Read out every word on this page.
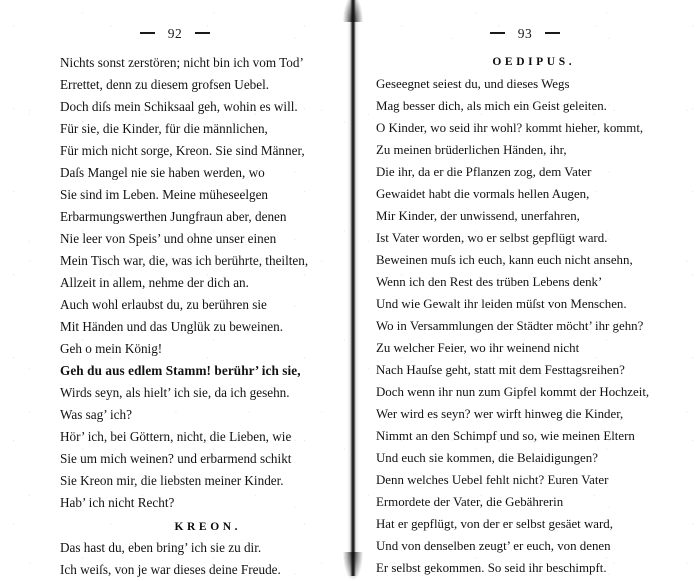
92
Nichts sonst zerstören; nicht bin ich vom Tod’
Errettet, denn zu diesem grofsen Uebel.
Doch diſs mein Schiksaal geh, wohin es will.
Für sie, die Kinder, für die männlichen,
Für mich nicht sorge, Kreon. Sie sind Männer,
Daſs Mangel nie sie haben werden, wo
Sie sind im Leben. Meine müheseelgen
Erbarmungswerthen Jungfraun aber, denen
Nie leer von Speis’ und ohne unser einen
Mein Tisch war, die, was ich berührte, theilten,
Allzeit in allem, nehme der dich an.
Auch wohl erlaubst du, zu berühren sie
Mit Händen und das Unglük zu beweinen.
Geh o mein König!
Geh du aus edlem Stamm! berühr’ ich sie,
Wirds seyn, als hielt’ ich sie, da ich gesehn.
Was sag’ ich?
Hör’ ich, bei Göttern, nicht, die Lieben, wie
Sie um mich weinen? und erbarmend schikt
Sie Kreon mir, die liebsten meiner Kinder.
Hab’ ich nicht Recht?
KREON.
Das hast du, eben bring’ ich sie zu dir.
Ich weiſs, von je war dieses deine Freude.
93
OEDIPUS.
Geseegnet seiest du, und dieses Wegs
Mag besser dich, als mich ein Geist geleiten.
O Kinder, wo seid ihr wohl? kommt hieher, kommt,
Zu meinen brüderlichen Händen, ihr,
Die ihr, da er die Pflanzen zog, dem Vater
Gewaidet habt die vormals hellen Augen,
Mir Kinder, der unwissend, unerfahren,
Ist Vater worden, wo er selbst gepflügt ward.
Beweinen muſs ich euch, kann euch nicht ansehn,
Wenn ich den Rest des trüben Lebens denk’
Und wie Gewalt ihr leiden müſst von Menschen.
Wo in Versammlungen der Städter möcht’ ihr gehn?
Zu welcher Feier, wo ihr weinend nicht
Nach Hauſse geht, statt mit dem Festtagsreihen?
Doch wenn ihr nun zum Gipfel kommt der Hochzeit,
Wer wird es seyn? wer wirft hinweg die Kinder,
Nimmt an den Schimpf und so, wie meinen Eltern
Und euch sie kommen, die Belaidigungen?
Denn welches Uebel fehlt nicht? Euren Vater
Ermordete der Vater, die Gebährerin
Hat er gepflügt, von der er selbst gesäet ward,
Und von denselben zeugt’ er euch, von denen
Er selbst gekommen. So seid ihr beschimpft.
